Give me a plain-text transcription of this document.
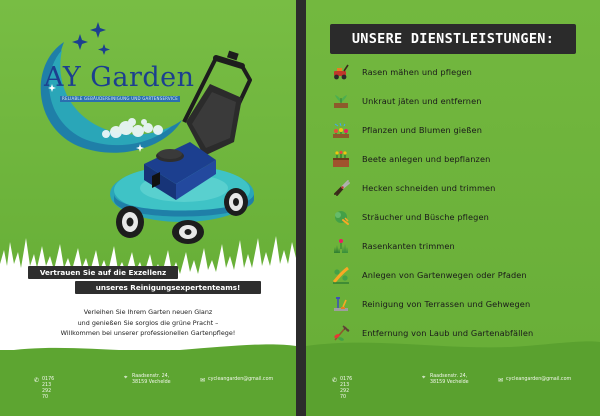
AY Garden
RELIABLE GEBÄUDEREINIGUNG UND GARTENSERVICE
Vertrauen Sie auf die Exzellenz
unseres Reinigungsexpertenteams!
Verleihen Sie Ihrem Garten neuen Glanz
und genießen Sie sorglos die grüne Pracht –
Willkommen bei unserer professionellen Gartenpflege!
✆ 0176 213 292 70
⌖ Raadsenstr. 24,
38159 Vechelde	✉ cycleangarden@gmail.com
UNSERE DIENSTLEISTUNGEN:
Rasen mähen und pflegen
Unkraut jäten und entfernen
Pflanzen und Blumen gießen
Beete anlegen und bepflanzen
Hecken schneiden und trimmen
Sträucher und Büsche pflegen
Rasenkanten trimmen
Anlegen von Gartenwegen oder Pfaden
Reinigung von Terrassen und Gehwegen
Entfernung von Laub und Gartenabfällen
✆ 0176 213 292 70
⌖ Raadsenstr. 24,
38159 Vechelde	✉ cycleangarden@gmail.com
